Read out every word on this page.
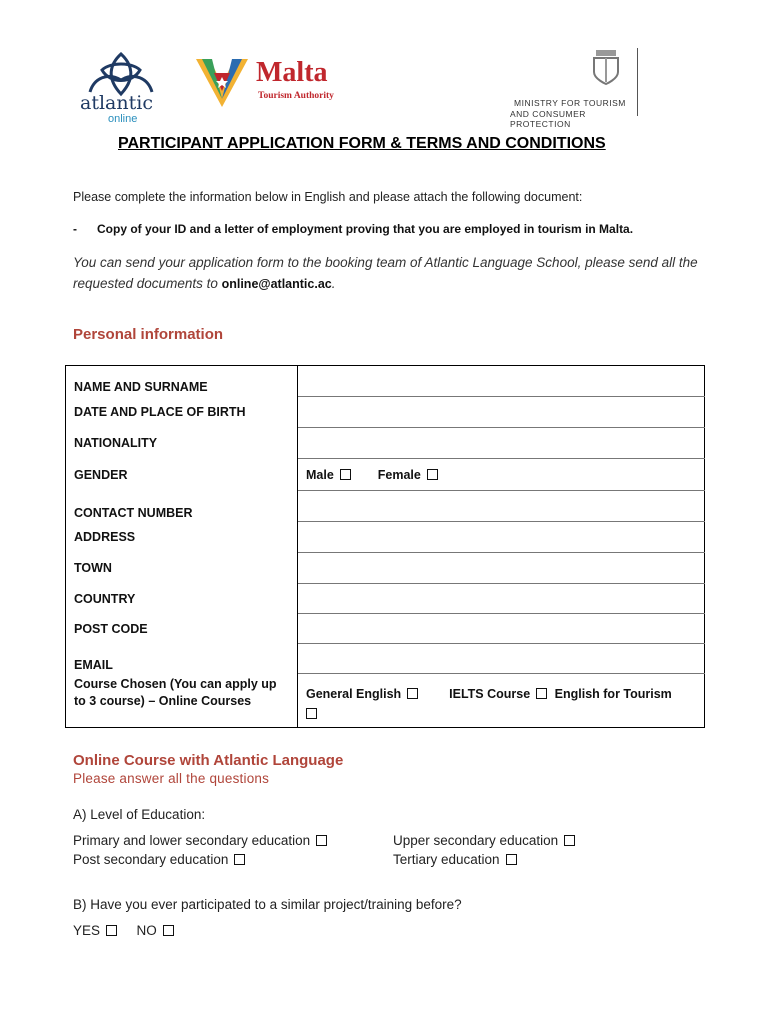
atlantic
online
Malta
Tourism Authority
MINISTRY FOR TOURISM
AND CONSUMER PROTECTION
PARTICIPANT APPLICATION FORM & TERMS AND CONDITIONS
Please complete the information below in English and please attach the following document:
- Copy of your ID and a letter of employment proving that you are employed in tourism in Malta.
You can send your application form to the booking team of Atlantic Language School, please send all the requested documents to online@atlantic.ac.
Personal information
NAME AND SURNAME	
DATE AND PLACE OF BIRTH	
NATIONALITY	
GENDER	Male Female
CONTACT NUMBER	
ADDRESS	
TOWN	
COUNTRY	
POST CODE	
EMAIL	
Course Chosen (You can apply up to 3 course) – Online Courses	General English IELTS Course English for Tourism

Online Course with Atlantic Language
Please answer all the questions
A) Level of Education:
Primary and lower secondary education	Upper secondary education
Post secondary education	Tertiary education
B) Have you ever participated to a similar project/training before?
YES	NO
